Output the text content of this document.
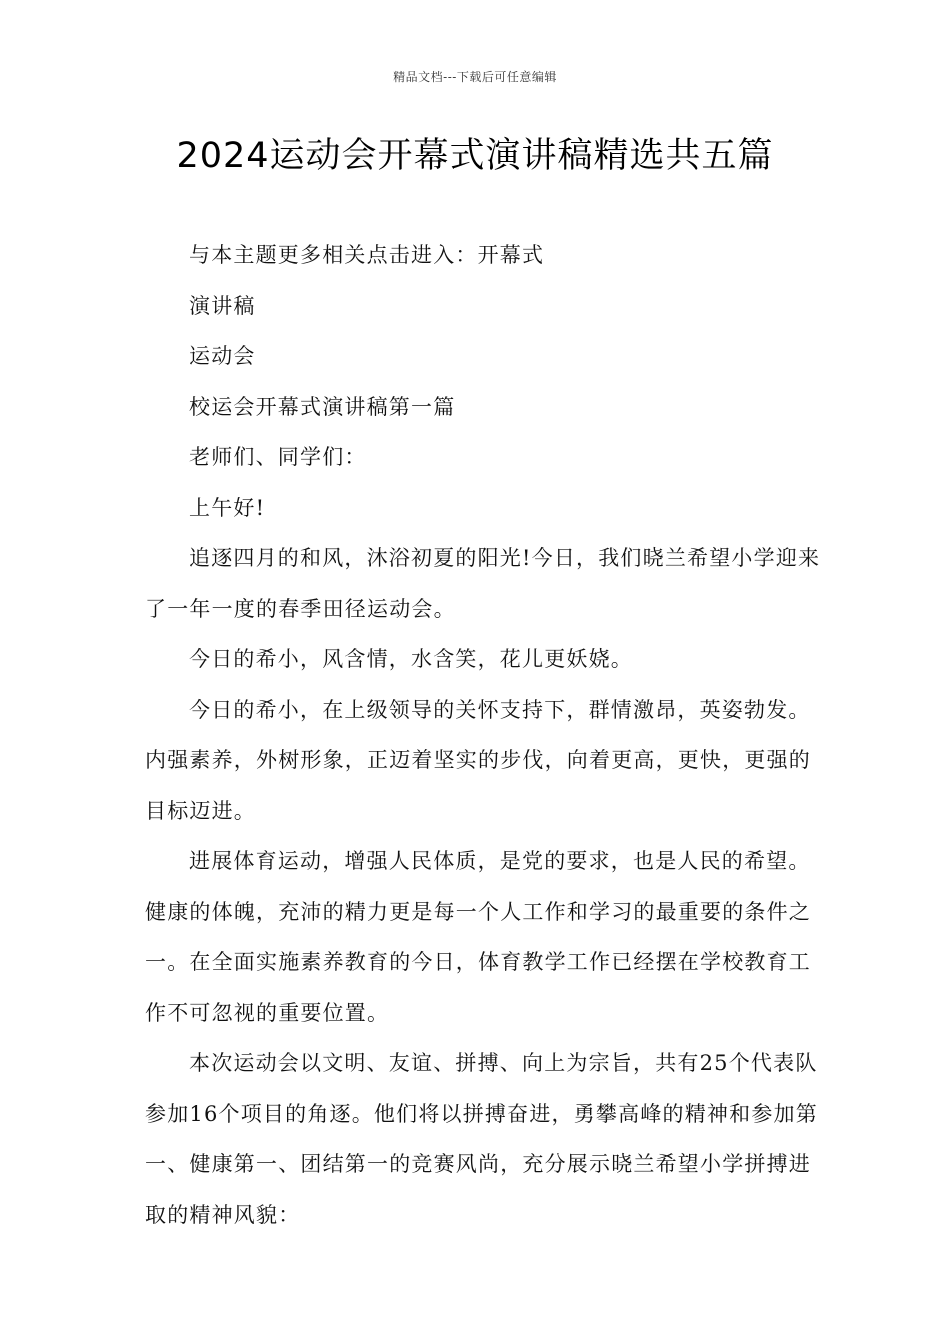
精品文档---下载后可任意编辑
2024运动会开幕式演讲稿精选共五篇

与本主题更多相关点击进入：开幕式

演讲稿

运动会

校运会开幕式演讲稿第一篇

老师们、同学们：

上午好!

追逐四月的和风，沐浴初夏的阳光!今日，我们晓兰希望小学迎来了一年一度的春季田径运动会。

今日的希小，风含情，水含笑，花儿更妖娆。

今日的希小，在上级领导的关怀支持下，群情激昂，英姿勃发。内强素养，外树形象，正迈着坚实的步伐，向着更高，更快，更强的目标迈进。

进展体育运动，增强人民体质，是党的要求，也是人民的希望。健康的体魄，充沛的精力更是每一个人工作和学习的最重要的条件之一。在全面实施素养教育的今日，体育教学工作已经摆在学校教育工作不可忽视的重要位置。

本次运动会以文明、友谊、拼搏、向上为宗旨，共有25个代表队参加16个项目的角逐。他们将以拼搏奋进，勇攀高峰的精神和参加第一、健康第一、团结第一的竞赛风尚，充分展示晓兰希望小学拼搏进取的精神风貌：
